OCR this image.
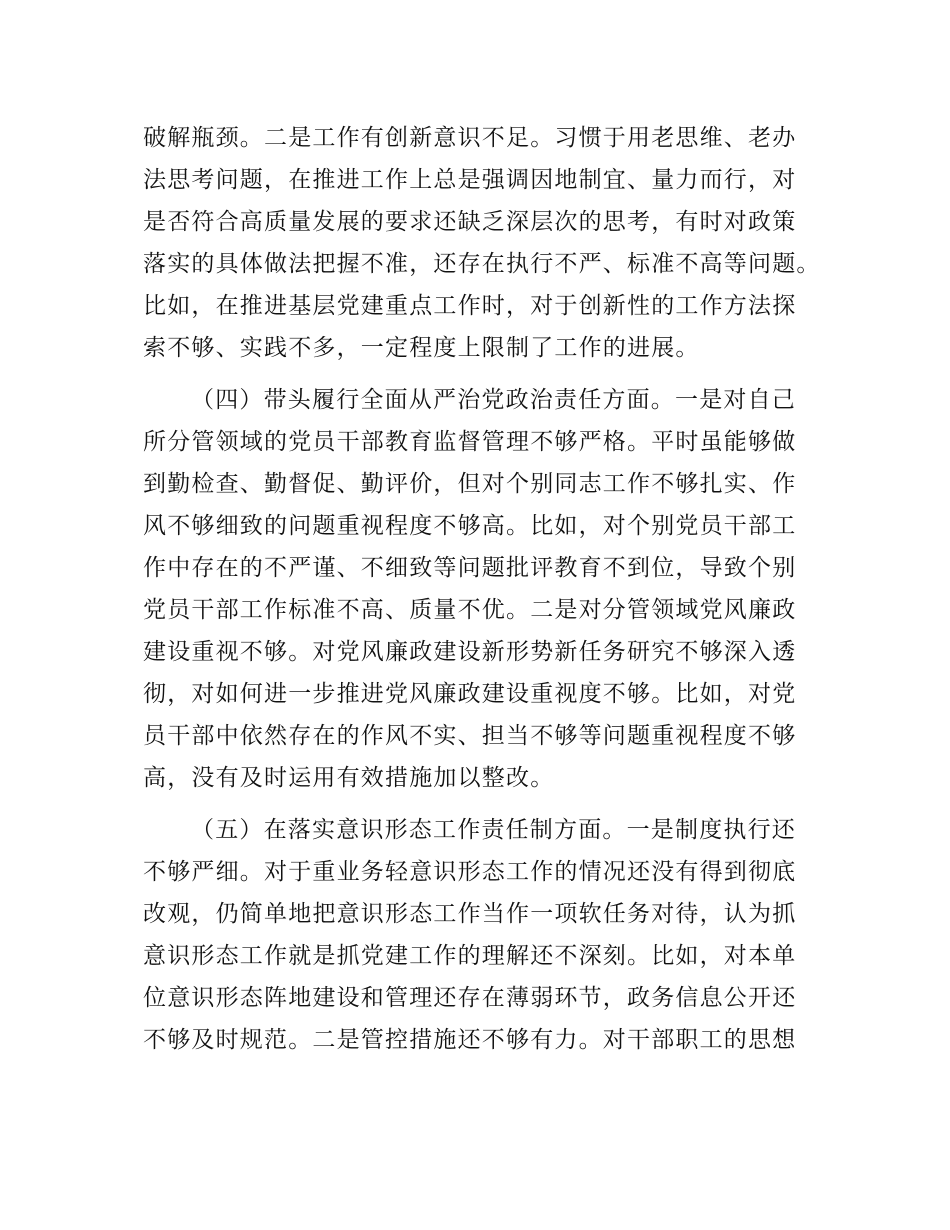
破解瓶颈。二是工作有创新意识不足。习惯于用老思维、老办
法思考问题，在推进工作上总是强调因地制宜、量力而行，对
是否符合高质量发展的要求还缺乏深层次的思考，有时对政策
落实的具体做法把握不准，还存在执行不严、标准不高等问题。
比如，在推进基层党建重点工作时，对于创新性的工作方法探
索不够、实践不多，一定程度上限制了工作的进展。
（四）带头履行全面从严治党政治责任方面。一是对自己
所分管领域的党员干部教育监督管理不够严格。平时虽能够做
到勤检查、勤督促、勤评价，但对个别同志工作不够扎实、作
风不够细致的问题重视程度不够高。比如，对个别党员干部工
作中存在的不严谨、不细致等问题批评教育不到位，导致个别
党员干部工作标准不高、质量不优。二是对分管领域党风廉政
建设重视不够。对党风廉政建设新形势新任务研究不够深入透
彻，对如何进一步推进党风廉政建设重视度不够。比如，对党
员干部中依然存在的作风不实、担当不够等问题重视程度不够
高，没有及时运用有效措施加以整改。
（五）在落实意识形态工作责任制方面。一是制度执行还
不够严细。对于重业务轻意识形态工作的情况还没有得到彻底
改观，仍简单地把意识形态工作当作一项软任务对待，认为抓
意识形态工作就是抓党建工作的理解还不深刻。比如，对本单
位意识形态阵地建设和管理还存在薄弱环节，政务信息公开还
不够及时规范。二是管控措施还不够有力。对干部职工的思想
